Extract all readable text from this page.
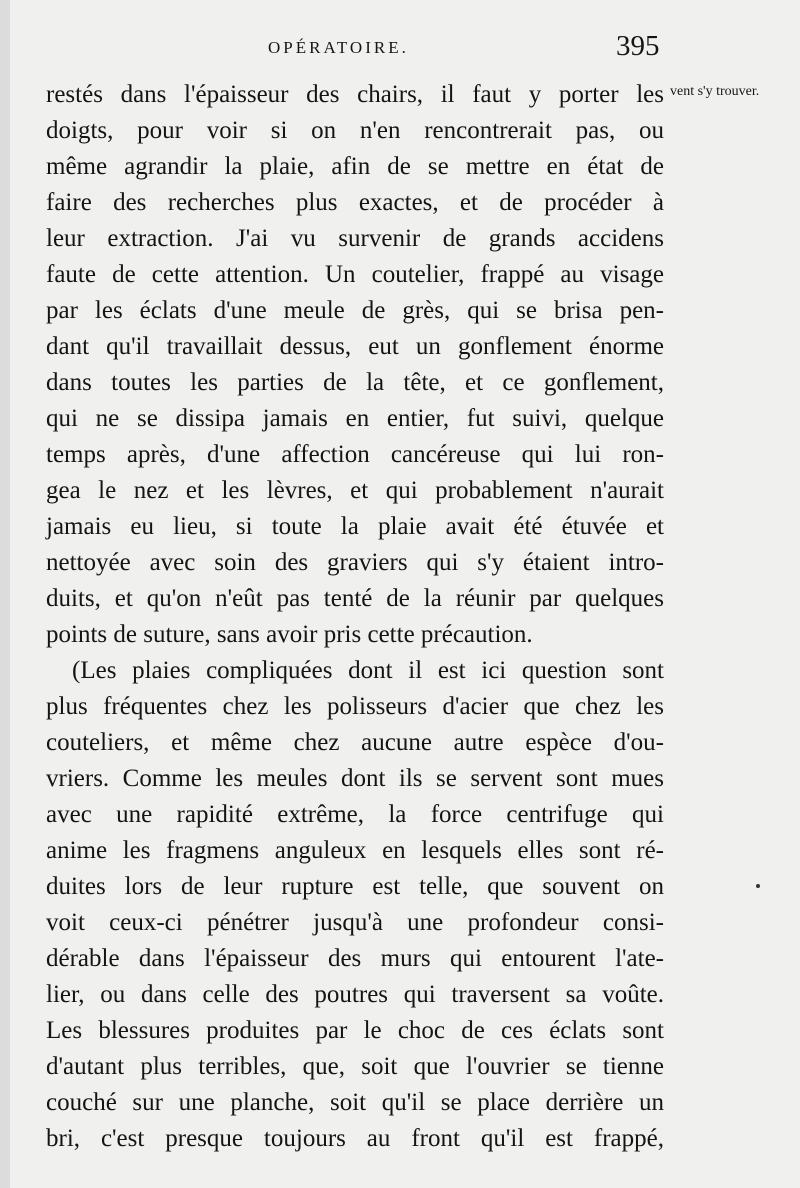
OPÉRATOIRE.	395
vent s'y trouver.
restés dans l'épaisseur des chairs, il faut y porter les
doigts, pour voir si on n'en rencontrerait pas, ou
même agrandir la plaie, afin de se mettre en état de
faire des recherches plus exactes, et de procéder à
leur extraction. J'ai vu survenir de grands accidens
faute de cette attention. Un coutelier, frappé au visage
par les éclats d'une meule de grès, qui se brisa pen-
dant qu'il travaillait dessus, eut un gonflement énorme
dans toutes les parties de la tête, et ce gonflement,
qui ne se dissipa jamais en entier, fut suivi, quelque
temps après, d'une affection cancéreuse qui lui ron-
gea le nez et les lèvres, et qui probablement n'aurait
jamais eu lieu, si toute la plaie avait été étuvée et
nettoyée avec soin des graviers qui s'y étaient intro-
duits, et qu'on n'eût pas tenté de la réunir par quelques
points de suture, sans avoir pris cette précaution.
(Les plaies compliquées dont il est ici question sont
plus fréquentes chez les polisseurs d'acier que chez les
couteliers, et même chez aucune autre espèce d'ou-
vriers. Comme les meules dont ils se servent sont mues
avec une rapidité extrême, la force centrifuge qui
anime les fragmens anguleux en lesquels elles sont ré-
duites lors de leur rupture est telle, que souvent on
voit ceux-ci pénétrer jusqu'à une profondeur consi-
dérable dans l'épaisseur des murs qui entourent l'ate-
lier, ou dans celle des poutres qui traversent sa voûte.
Les blessures produites par le choc de ces éclats sont
d'autant plus terribles, que, soit que l'ouvrier se tienne
couché sur une planche, soit qu'il se place derrière un
bri, c'est presque toujours au front qu'il est frappé,
